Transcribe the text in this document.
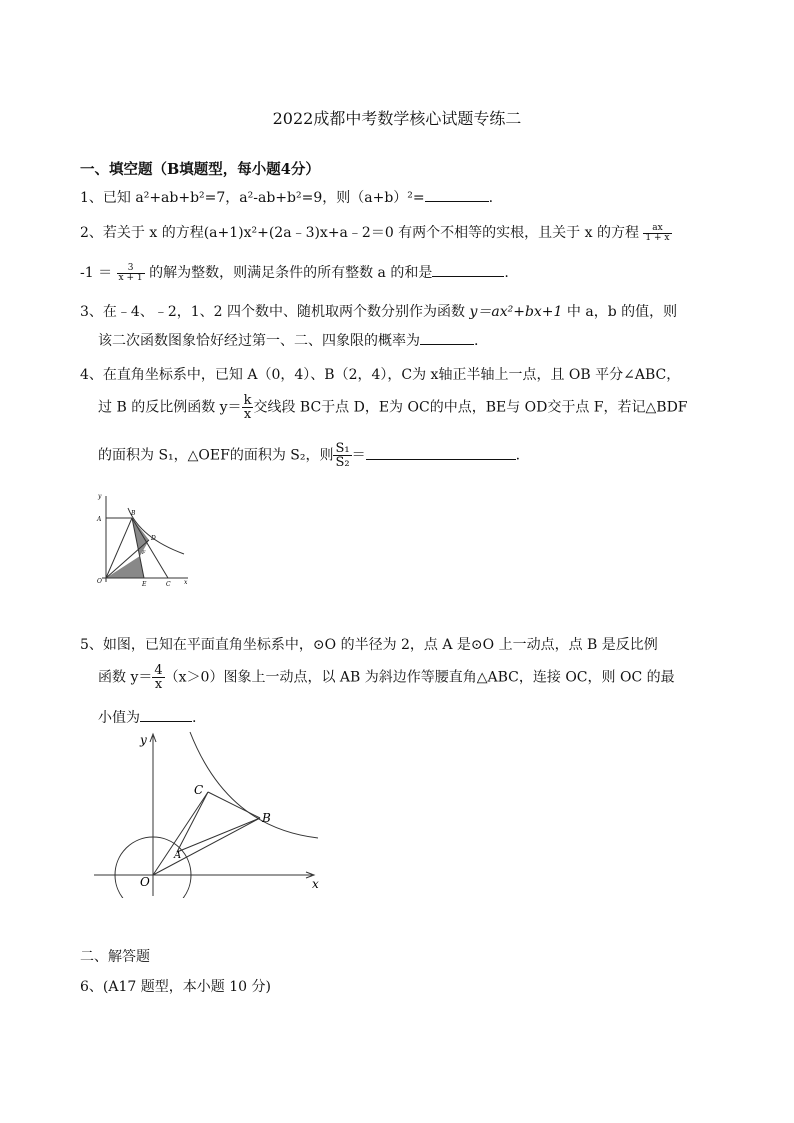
2022成都中考数学核心试题专练二
一、填空题（B填题型，每小题4分）
1、已知 a²+ab+b²=7，a²-ab+b²=9，则（a+b）²=	.
2、若关于 x 的方程(a+1)x²+(2a﹣3)x+a﹣2＝0 有两个不相等的实根，且关于 x 的方程 $\frac{ax}{1 + x}$
$-1 = \frac{3}{x + 1}$ 的解为整数，则满足条件的所有整数 a 的和是	.
3、在﹣4、﹣2，1、2 四个数中、随机取两个数分别作为函数 y＝ax²+bx+1 中 a，b 的值，则
该二次函数图象恰好经过第一、二、四象限的概率为	.
4、在直角坐标系中，已知 A（0，4）、B（2，4），C为 x轴正半轴上一点，且 OB 平分∠ABC，
过 B 的反比例函数 $y= \frac{k}{x}$ 交线段 BC于点 D，E为 OC的中点，BE与 OD交于点 F，若记△BDF
的面积为 S₁，△OEF的面积为 S₂，则 $\frac{\text{S₁}}{\text{S₂}}$ ＝	.
y
A
B
D
F
O	E	C x
5、如图，已知在平面直角坐标系中，⊙O 的半径为 2，点 A 是⊙O 上一动点，点 B 是反比例
函数 $y= \frac{4}{x} (x>0)$图象上一动点，以 AB 为斜边作等腰直角△ABC，连接 OC，则 OC 的最
小值为	.
y
C
B
A
O	x
二、解答题
6、(A17 题型，本小题 10 分)
